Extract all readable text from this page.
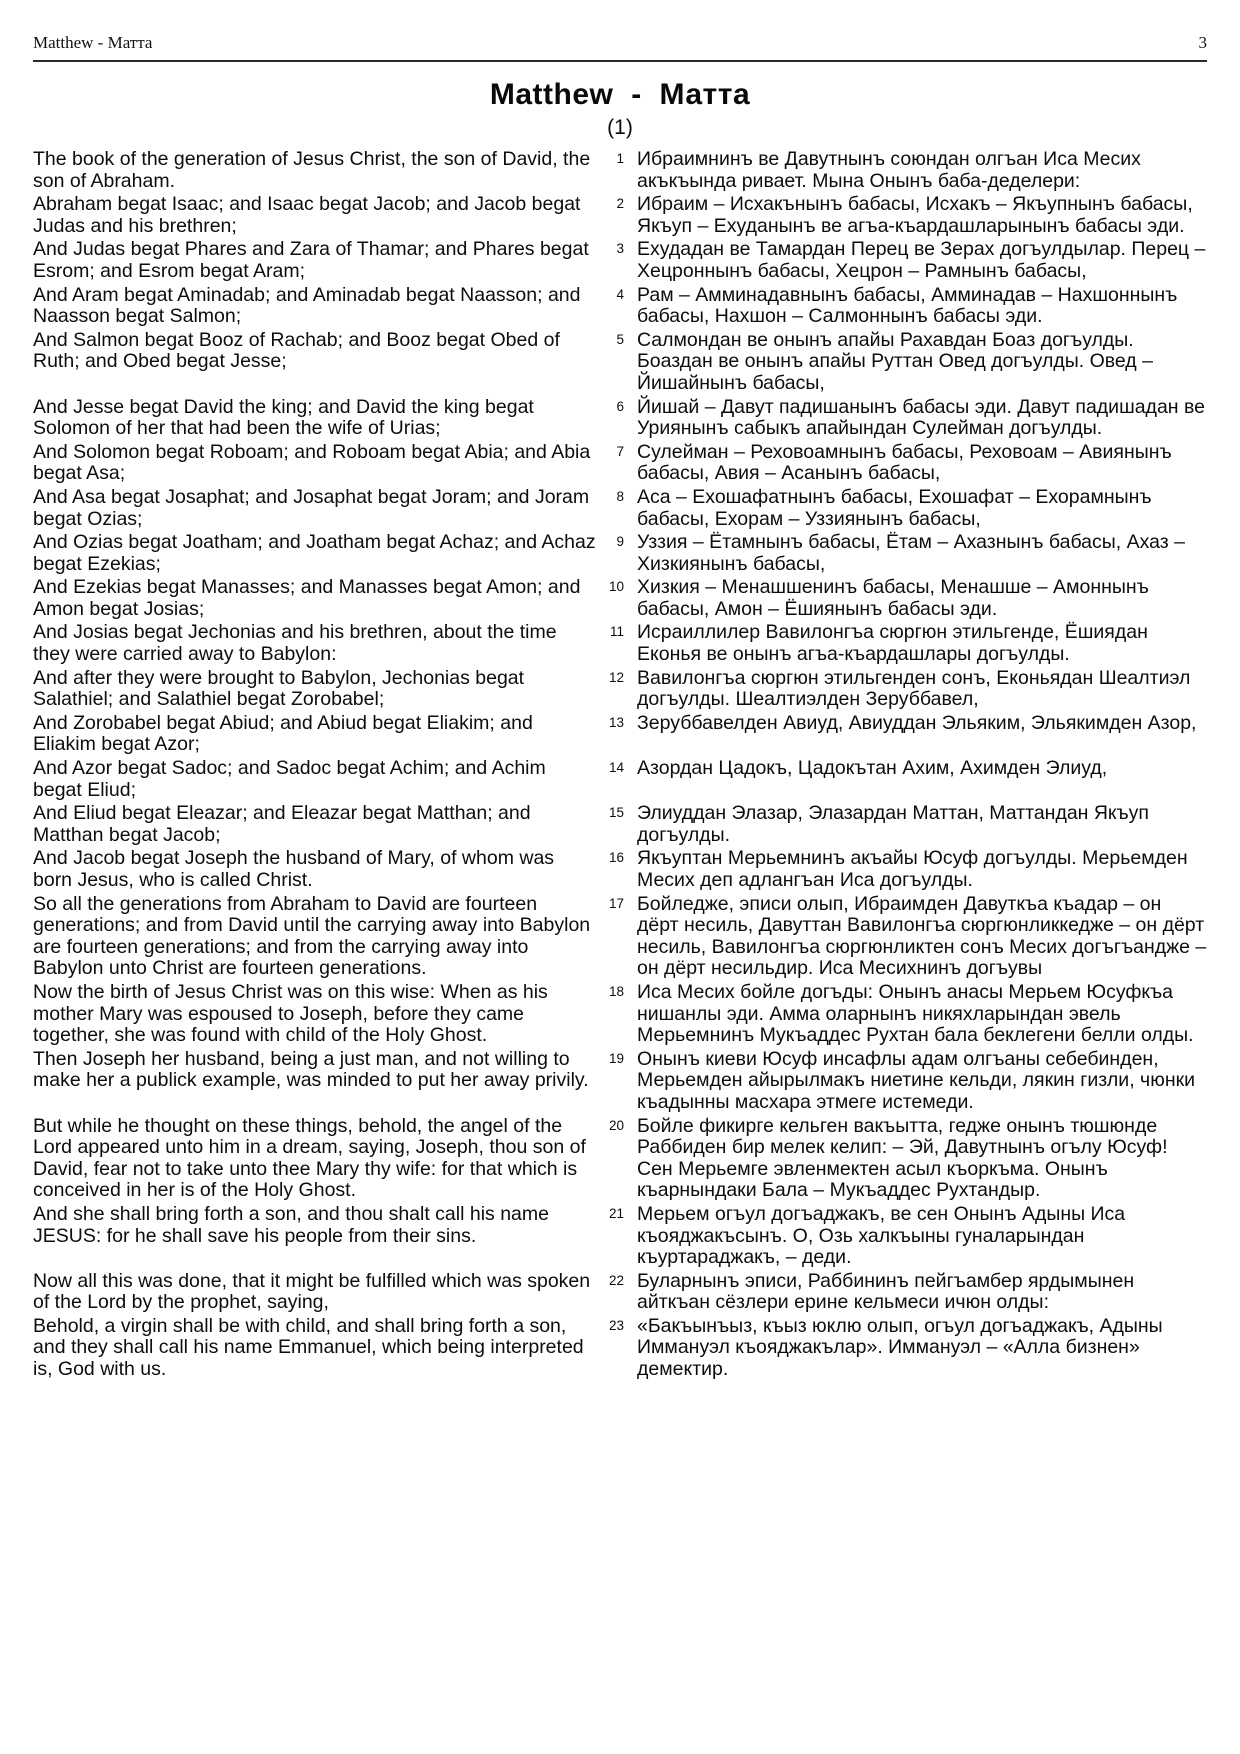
Matthew - Матта	3
Matthew - Матта
(1)
The book of the generation of Jesus Christ, the son of David, the son of Abraham.
1 Ибраимнинъ ве Давутнынъ союндан олгъан Иса Месих акъкъында ривает. Мына Онынъ баба-деделери:
Abraham begat Isaac; and Isaac begat Jacob; and Jacob begat Judas and his brethren;
2 Ибраим – Исхакънынъ бабасы, Исхакъ – Якъупнынъ бабасы, Якъуп – Ехуданынъ ве агъа-къардашларынынъ бабасы эди.
And Judas begat Phares and Zara of Thamar; and Phares begat Esrom; and Esrom begat Aram;
3 Ехудадан ве Тамардан Перец ве Зерах догъулдылар. Перец – Хецроннынъ бабасы, Хецрон – Рамнынъ бабасы,
And Aram begat Aminadab; and Aminadab begat Naasson; and Naasson begat Salmon;
4 Рам – Амминадавнынъ бабасы, Амминадав – Нахшоннынъ бабасы, Нахшон – Салмоннынъ бабасы эди.
And Salmon begat Booz of Rachab; and Booz begat Obed of Ruth; and Obed begat Jesse;
5 Салмондан ве онынъ апайы Рахавдан Боаз догъулды. Боаздан ве онынъ апайы Руттан Овед догъулды. Овед – Йишайнынъ бабасы,
And Jesse begat David the king; and David the king begat Solomon of her that had been the wife of Urias;
6 Йишай – Давут падишанынъ бабасы эди. Давут падишадан ве Уриянынъ сабыкъ апайындан Сулейман догъулды.
And Solomon begat Roboam; and Roboam begat Abia; and Abia begat Asa;
7 Сулейман – Реховоамнынъ бабасы, Реховоам – Авиянынъ бабасы, Авия – Асанынъ бабасы,
And Asa begat Josaphat; and Josaphat begat Joram; and Joram begat Ozias;
8 Аса – Ехошафатнынъ бабасы, Ехошафат – Ехорамнынъ бабасы, Ехорам – Уззиянынъ бабасы,
And Ozias begat Joatham; and Joatham begat Achaz; and Achaz begat Ezekias;
9 Уззия – Ётамнынъ бабасы, Ётам – Ахазнынъ бабасы, Ахаз – Хизкиянынъ бабасы,
And Ezekias begat Manasses; and Manasses begat Amon; and Amon begat Josias;
10 Хизкия – Менашшенинъ бабасы, Менашше – Амоннынъ бабасы, Амон – Ёшиянынъ бабасы эди.
And Josias begat Jechonias and his brethren, about the time they were carried away to Babylon:
11 Исраиллилер Вавилонгъа сюргюн этильгенде, Ёшиядан Еконья ве онынъ агъа-къардашлары догъулды.
And after they were brought to Babylon, Jechonias begat Salathiel; and Salathiel begat Zorobabel;
12 Вавилонгъа сюргюн этильгенден сонъ, Еконьядан Шеалтиэл догъулды. Шеалтиэлден Зеруббавел,
And Zorobabel begat Abiud; and Abiud begat Eliakim; and Eliakim begat Azor;
13 Зеруббавелден Авиуд, Авиуддан Эльяким, Эльякимден Азор,
And Azor begat Sadoc; and Sadoc begat Achim; and Achim begat Eliud;
14 Азордан Цадокъ, Цадокътан Ахим, Ахимден Элиуд,
And Eliud begat Eleazar; and Eleazar begat Matthan; and Matthan begat Jacob;
15 Элиуддан Элазар, Элазардан Маттан, Маттандан Якъуп догъулды.
And Jacob begat Joseph the husband of Mary, of whom was born Jesus, who is called Christ.
16 Якъуптан Мерьемнинъ акъайы Юсуф догъулды. Мерьемден Месих деп адлангъан Иса догъулды.
So all the generations from Abraham to David are fourteen generations; and from David until the carrying away into Babylon are fourteen generations; and from the carrying away into Babylon unto Christ are fourteen generations.
17 Бойледже, эписи олып, Ибраимден Давуткъа къадар – он дёрт несиль, Давуттан Вавилонгъа сюргюнликкедже – он дёрт несиль, Вавилонгъа сюргюнликтен сонъ Месих догъгъандже – он дёрт несильдир. Иса Месихнинъ догъувы
Now the birth of Jesus Christ was on this wise: When as his mother Mary was espoused to Joseph, before they came together, she was found with child of the Holy Ghost.
18 Иса Месих бойле догъды: Онынъ анасы Мерьем Юсуфкъа нишанлы эди. Амма оларнынъ никяхларындан эвель Мерьемнинъ Мукъаддес Рухтан бала беклегени белли олды.
Then Joseph her husband, being a just man, and not willing to make her a publick example, was minded to put her away privily.
19 Онынъ киеви Юсуф инсафлы адам олгъаны себебинден, Мерьемден айырылмакъ ниетине кельди, лякин гизли, чюнки къадынны масхара этмеге истемеди.
But while he thought on these things, behold, the angel of the Lord appeared unto him in a dream, saying, Joseph, thou son of David, fear not to take unto thee Mary thy wife: for that which is conceived in her is of the Holy Ghost.
20 Бойле фикирге кельген вакъытта, гедже онынъ тюшюнде Раббиден бир мелек келип: – Эй, Давутнынъ огълу Юсуф! Сен Мерьемге эвленмектен асыл къоркъма. Онынъ къарнындаки Бала – Мукъаддес Рухтандыр.
And she shall bring forth a son, and thou shalt call his name JESUS: for he shall save his people from their sins.
21 Мерьем огъул догъаджакъ, ве сен Онынъ Адыны Иса къояджакъсынъ. О, Озь халкъыны гуналарындан къуртараджакъ, – деди.
Now all this was done, that it might be fulfilled which was spoken of the Lord by the prophet, saying,
22 Буларнынъ эписи, Раббининъ пейгъамбер ярдымынен айткъан сёзлери ерине кельмеси ичюн олды:
Behold, a virgin shall be with child, and shall bring forth a son, and they shall call his name Emmanuel, which being interpreted is, God with us.
23 «Бакъынъыз, къыз юклю олып, огъул догъаджакъ, Адыны Иммануэл къояджакълар». Иммануэл – «Алла бизнен» демектир.
